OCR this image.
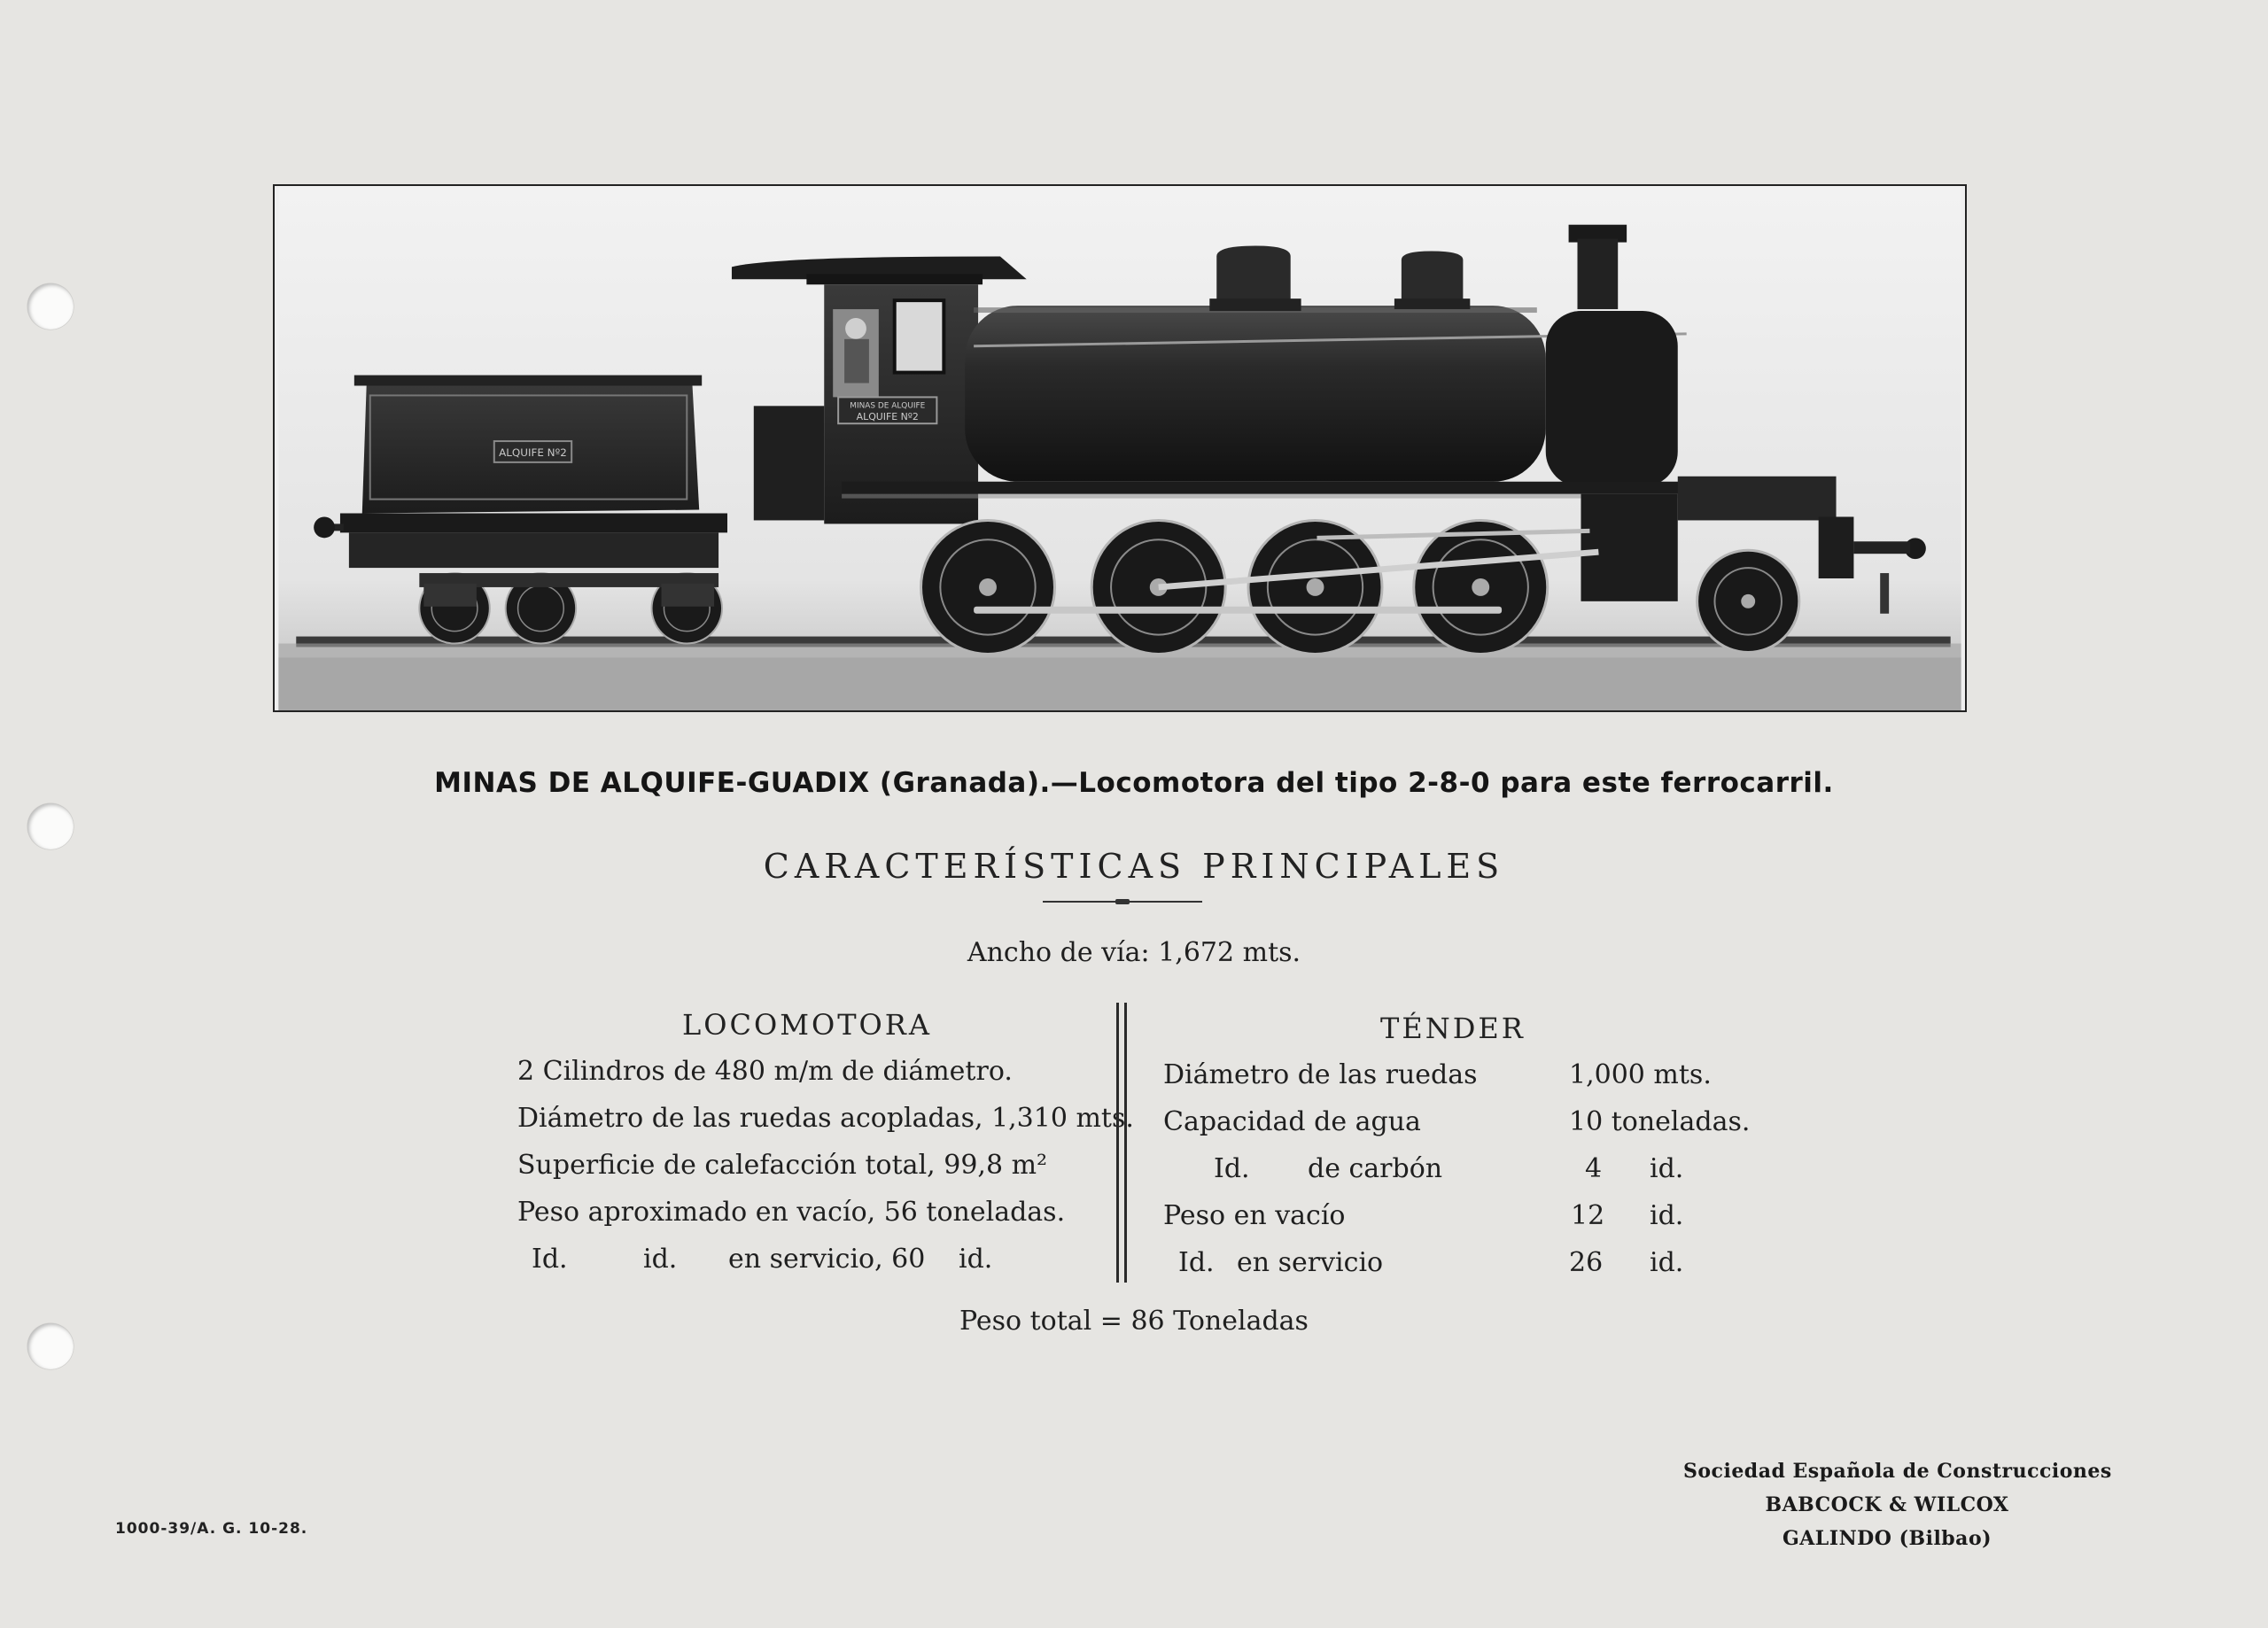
ALQUIFE Nº2
MINAS DE ALQUIFE
ALQUIFE Nº2
MINAS DE ALQUIFE-GUADIX (Granada).—Locomotora del tipo 2-8-0 para este ferrocarril.
CARACTERÍSTICAS PRINCIPALES
Ancho de vía: 1,672 mts.
LOCOMOTORA
2 Cilindros de 480 m/m de diámetro.
Diámetro de las ruedas acopladas, 1,310 mts.
Superficie de calefacción total, 99,8 m²
Peso aproximado en vacío, 56 toneladas.
Id.	id. en servicio, 60 id.
TÉNDER
Diámetro de las ruedas	1,000 mts.
Capacidad de agua	10 toneladas.
Id. de carbón	4 id.
Peso en vacío	12 id.
Id. en servicio	26 id.
Peso total = 86 Toneladas
Sociedad Española de Construcciones
BABCOCK & WILCOX
GALINDO (Bilbao)
1000-39/A. G. 10-28.
